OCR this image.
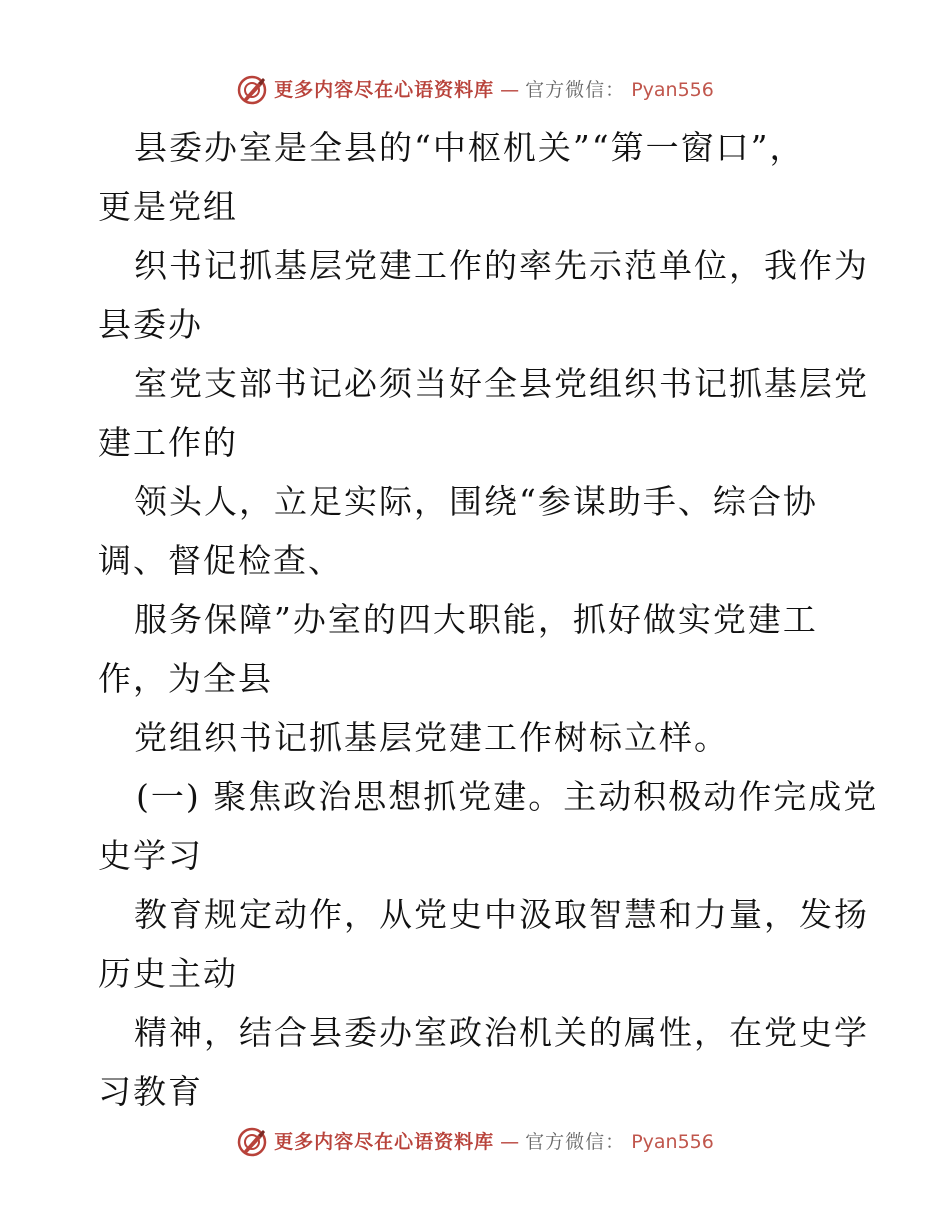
更多内容尽在心语资料库 — 官方微信： Pyan556
县委办室是全县的“中枢机关”“第一窗口”，
更是党组
织书记抓基层党建工作的率先示范单位，我作为
县委办
室党支部书记必须当好全县党组织书记抓基层党
建工作的
领头人，立足实际，围绕“参谋助手、综合协
调、督促检查、
服务保障”办室的四大职能，抓好做实党建工
作，为全县
党组织书记抓基层党建工作树标立样。
(一) 聚焦政治思想抓党建。主动积极动作完成党
史学习
教育规定动作，从党史中汲取智慧和力量，发扬
历史主动
精神，结合县委办室政治机关的属性，在党史学
习教育
更多内容尽在心语资料库 — 官方微信： Pyan556
